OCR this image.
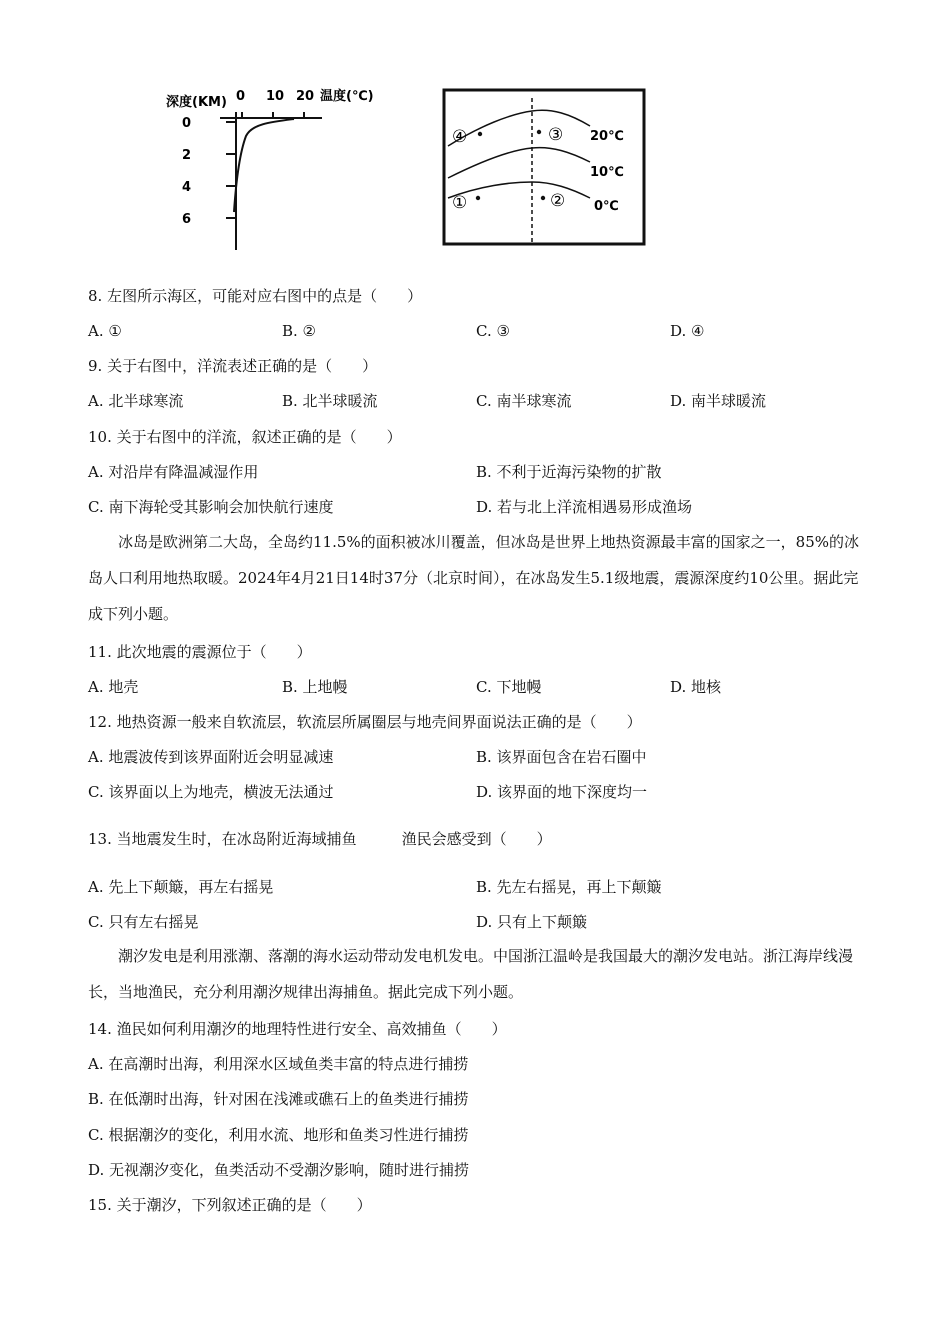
深度(KM) 0 10 20 温度(℃)
0
2
4
6
④	③
①	②
20℃
10℃
0℃
8. 左图所示海区，可能对应右图中的点是（　　）
A. ①	B. ②	C. ③	D. ④
9. 关于右图中，洋流表述正确的是（　　）
A. 北半球寒流	B. 北半球暖流	C. 南半球寒流	D. 南半球暖流
10. 关于右图中的洋流，叙述正确的是（　　）
A. 对沿岸有降温减湿作用	B. 不利于近海污染物的扩散
C. 南下海轮受其影响会加快航行速度	D. 若与北上洋流相遇易形成渔场
冰岛是欧洲第二大岛，全岛约11.5%的面积被冰川覆盖，但冰岛是世界上地热资源最丰富的国家之一，85%的冰岛人口利用地热取暖。2024年4月21日14时37分（北京时间），在冰岛发生5.1级地震，震源深度约10公里。据此完成下列小题。
11. 此次地震的震源位于（　　）
A. 地壳	B. 上地幔	C. 下地幔	D. 地核
12. 地热资源一般来自软流层，软流层所属圈层与地壳间界面说法正确的是（　　）
A. 地震波传到该界面附近会明显减速	B. 该界面包含在岩石圈中
C. 该界面以上为地壳，横波无法通过	D. 该界面的地下深度均一
13. 当地震发生时，在冰岛附近海域捕鱼　　　渔民会感受到（　　）
A. 先上下颠簸，再左右摇晃	B. 先左右摇晃，再上下颠簸
C. 只有左右摇晃	D. 只有上下颠簸
潮汐发电是利用涨潮、落潮的海水运动带动发电机发电。中国浙江温岭是我国最大的潮汐发电站。浙江海岸线漫长，当地渔民，充分利用潮汐规律出海捕鱼。据此完成下列小题。
14. 渔民如何利用潮汐的地理特性进行安全、高效捕鱼（　　）
A. 在高潮时出海，利用深水区域鱼类丰富的特点进行捕捞
B. 在低潮时出海，针对困在浅滩或礁石上的鱼类进行捕捞
C. 根据潮汐的变化，利用水流、地形和鱼类习性进行捕捞
D. 无视潮汐变化，鱼类活动不受潮汐影响，随时进行捕捞
15. 关于潮汐，下列叙述正确的是（　　）
